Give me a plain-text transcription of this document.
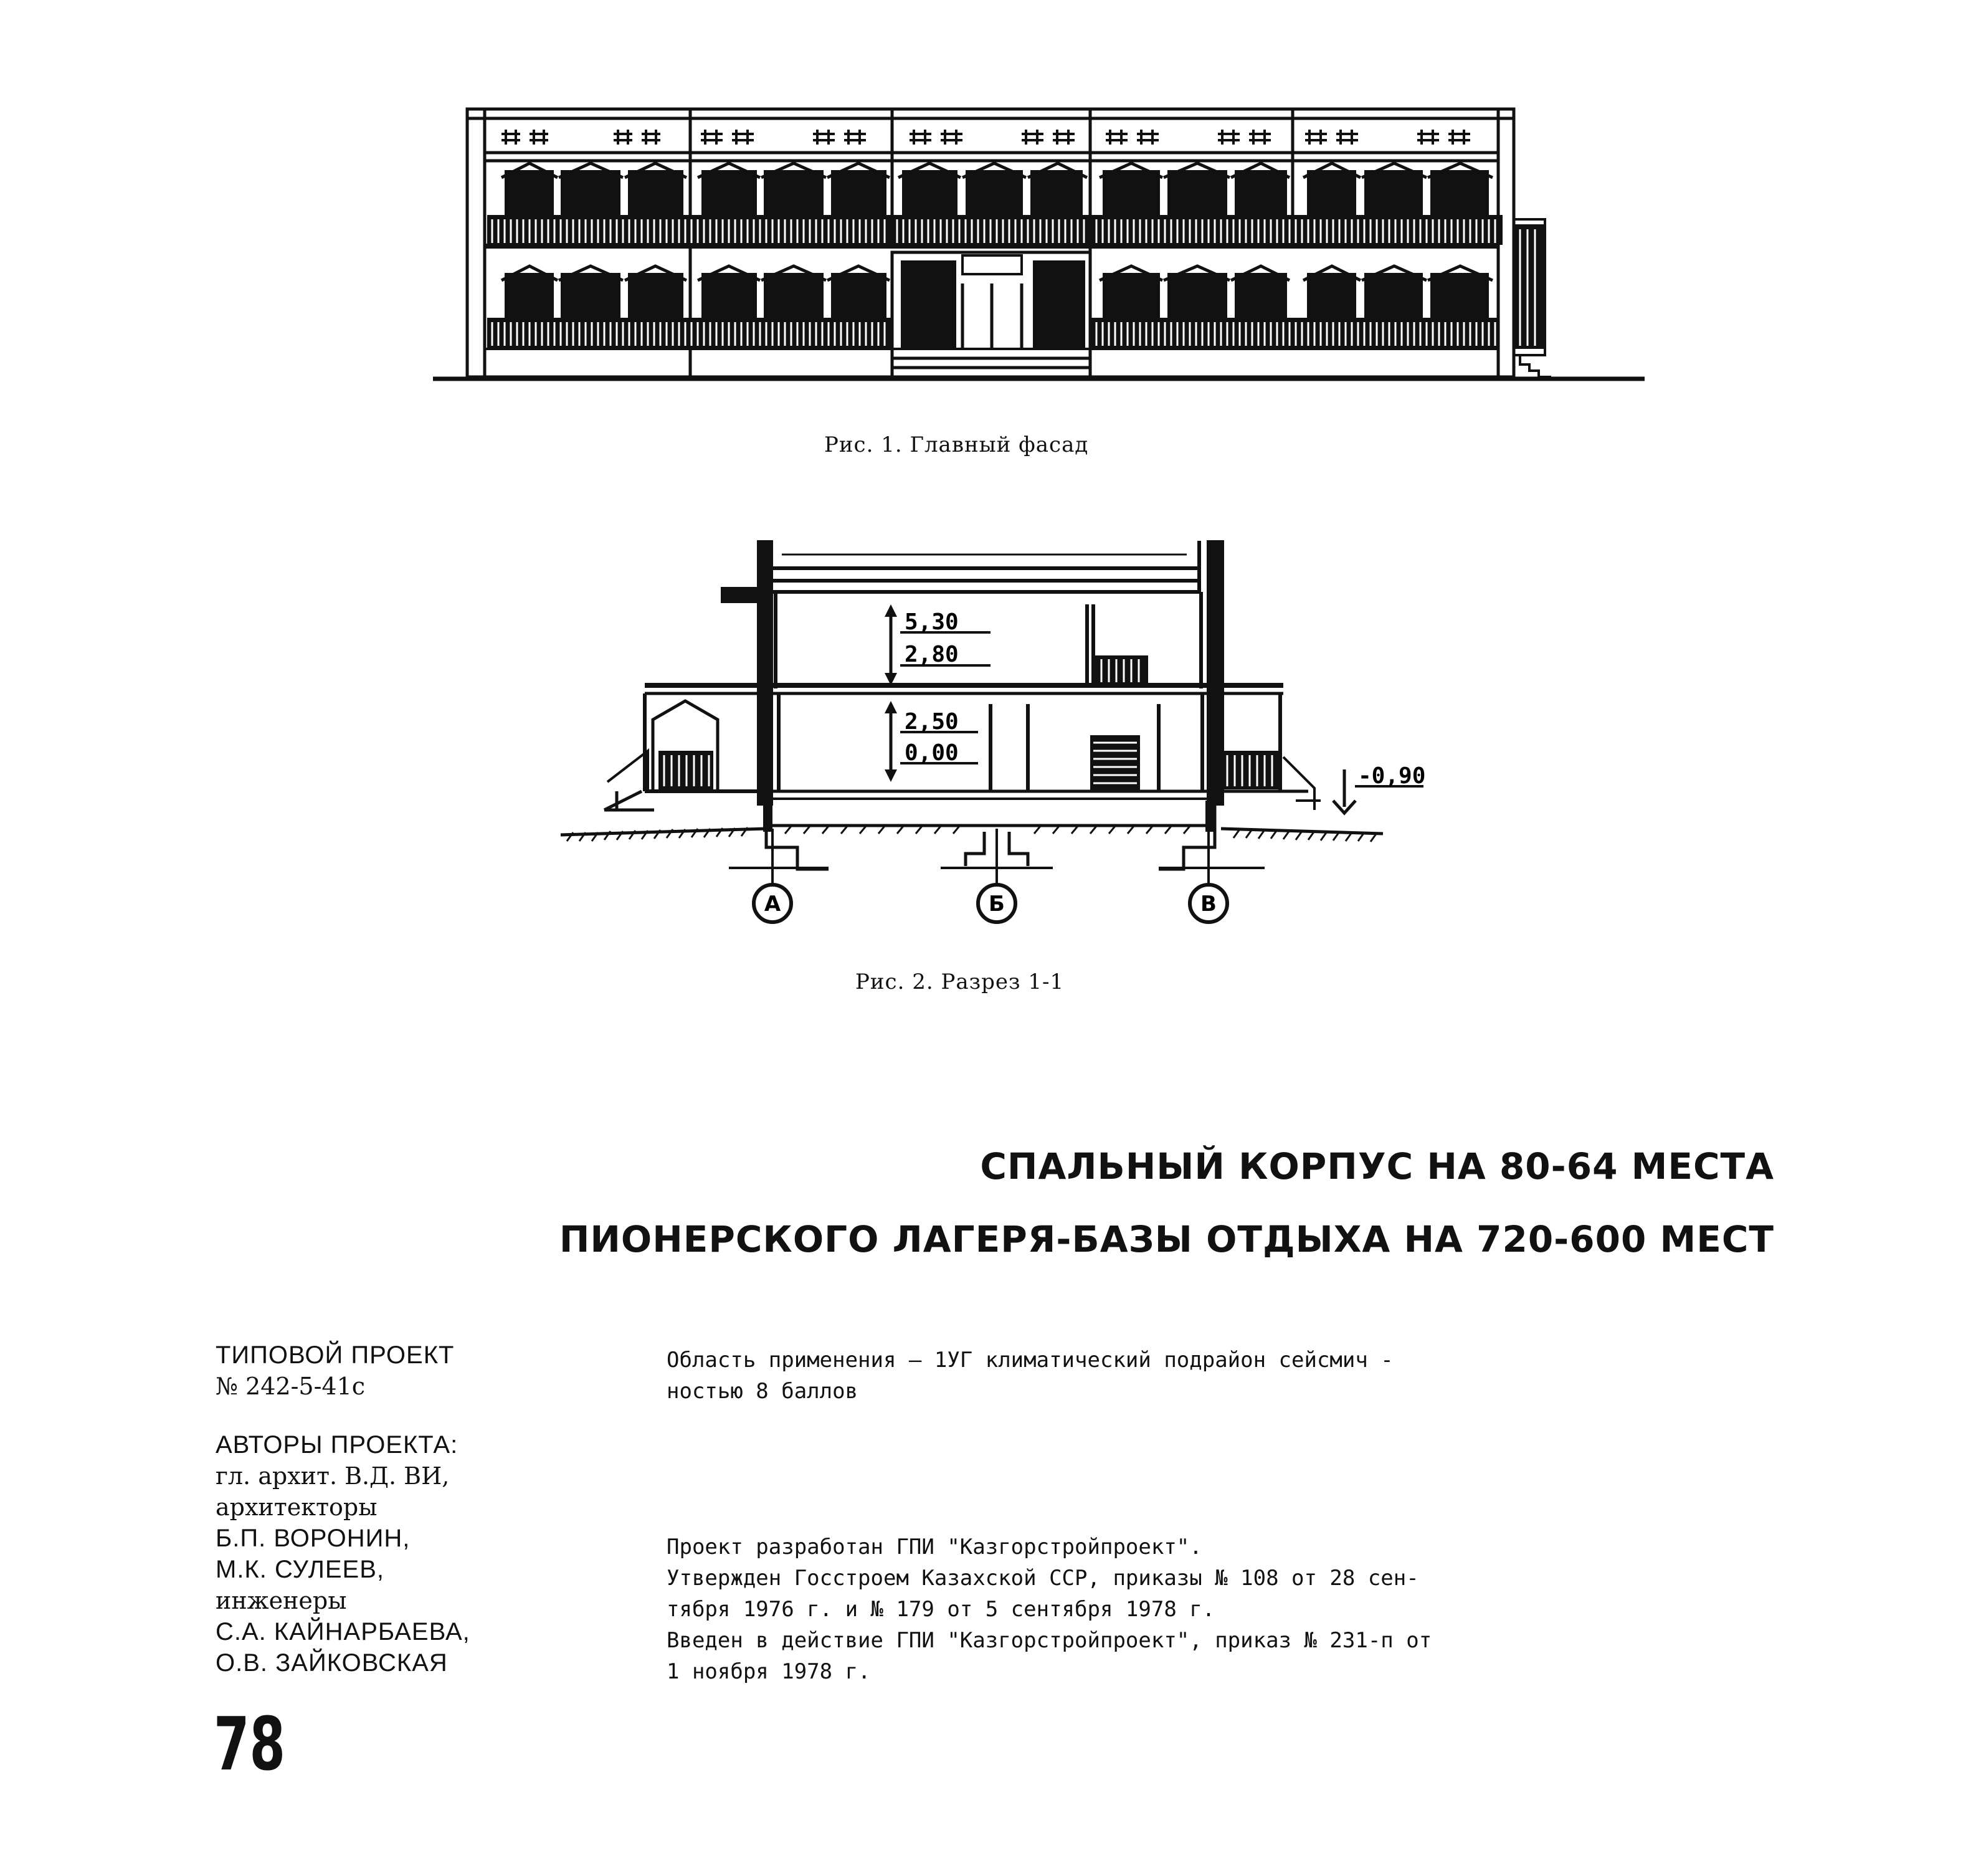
Рис. 1. Главный фасад
5,30
2,80
2,50
0,00
-0,90
А	Б	В
Рис. 2. Разрез 1-1
СПАЛЬНЫЙ КОРПУС НА 80-64 МЕСТА
ПИОНЕРСКОГО ЛАГЕРЯ-БАЗЫ ОТДЫХА НА 720-600 МЕСТ
ТИПОВОЙ ПРОЕКТ
№ 242-5-41с
АВТОРЫ ПРОЕКТА:
гл. архит. В.Д. ВИ,
архитекторы
Б.П. ВОРОНИН,
М.К. СУЛЕЕВ,
инженеры
С.А. КАЙНАРБАЕВА,
О.В. ЗАЙКОВСКАЯ
Область применения – 1УГ климатический подрайон сейсмич -
ностью 8 баллов
Проект разработан ГПИ "Казгорстройпроект".
Утвержден Госстроем Казахской ССР, приказы № 108 от 28 сен-
тября 1976 г. и № 179 от 5 сентября 1978 г.
Введен в действие ГПИ "Казгорстройпроект", приказ № 231-п от
1 ноября 1978 г.
78
